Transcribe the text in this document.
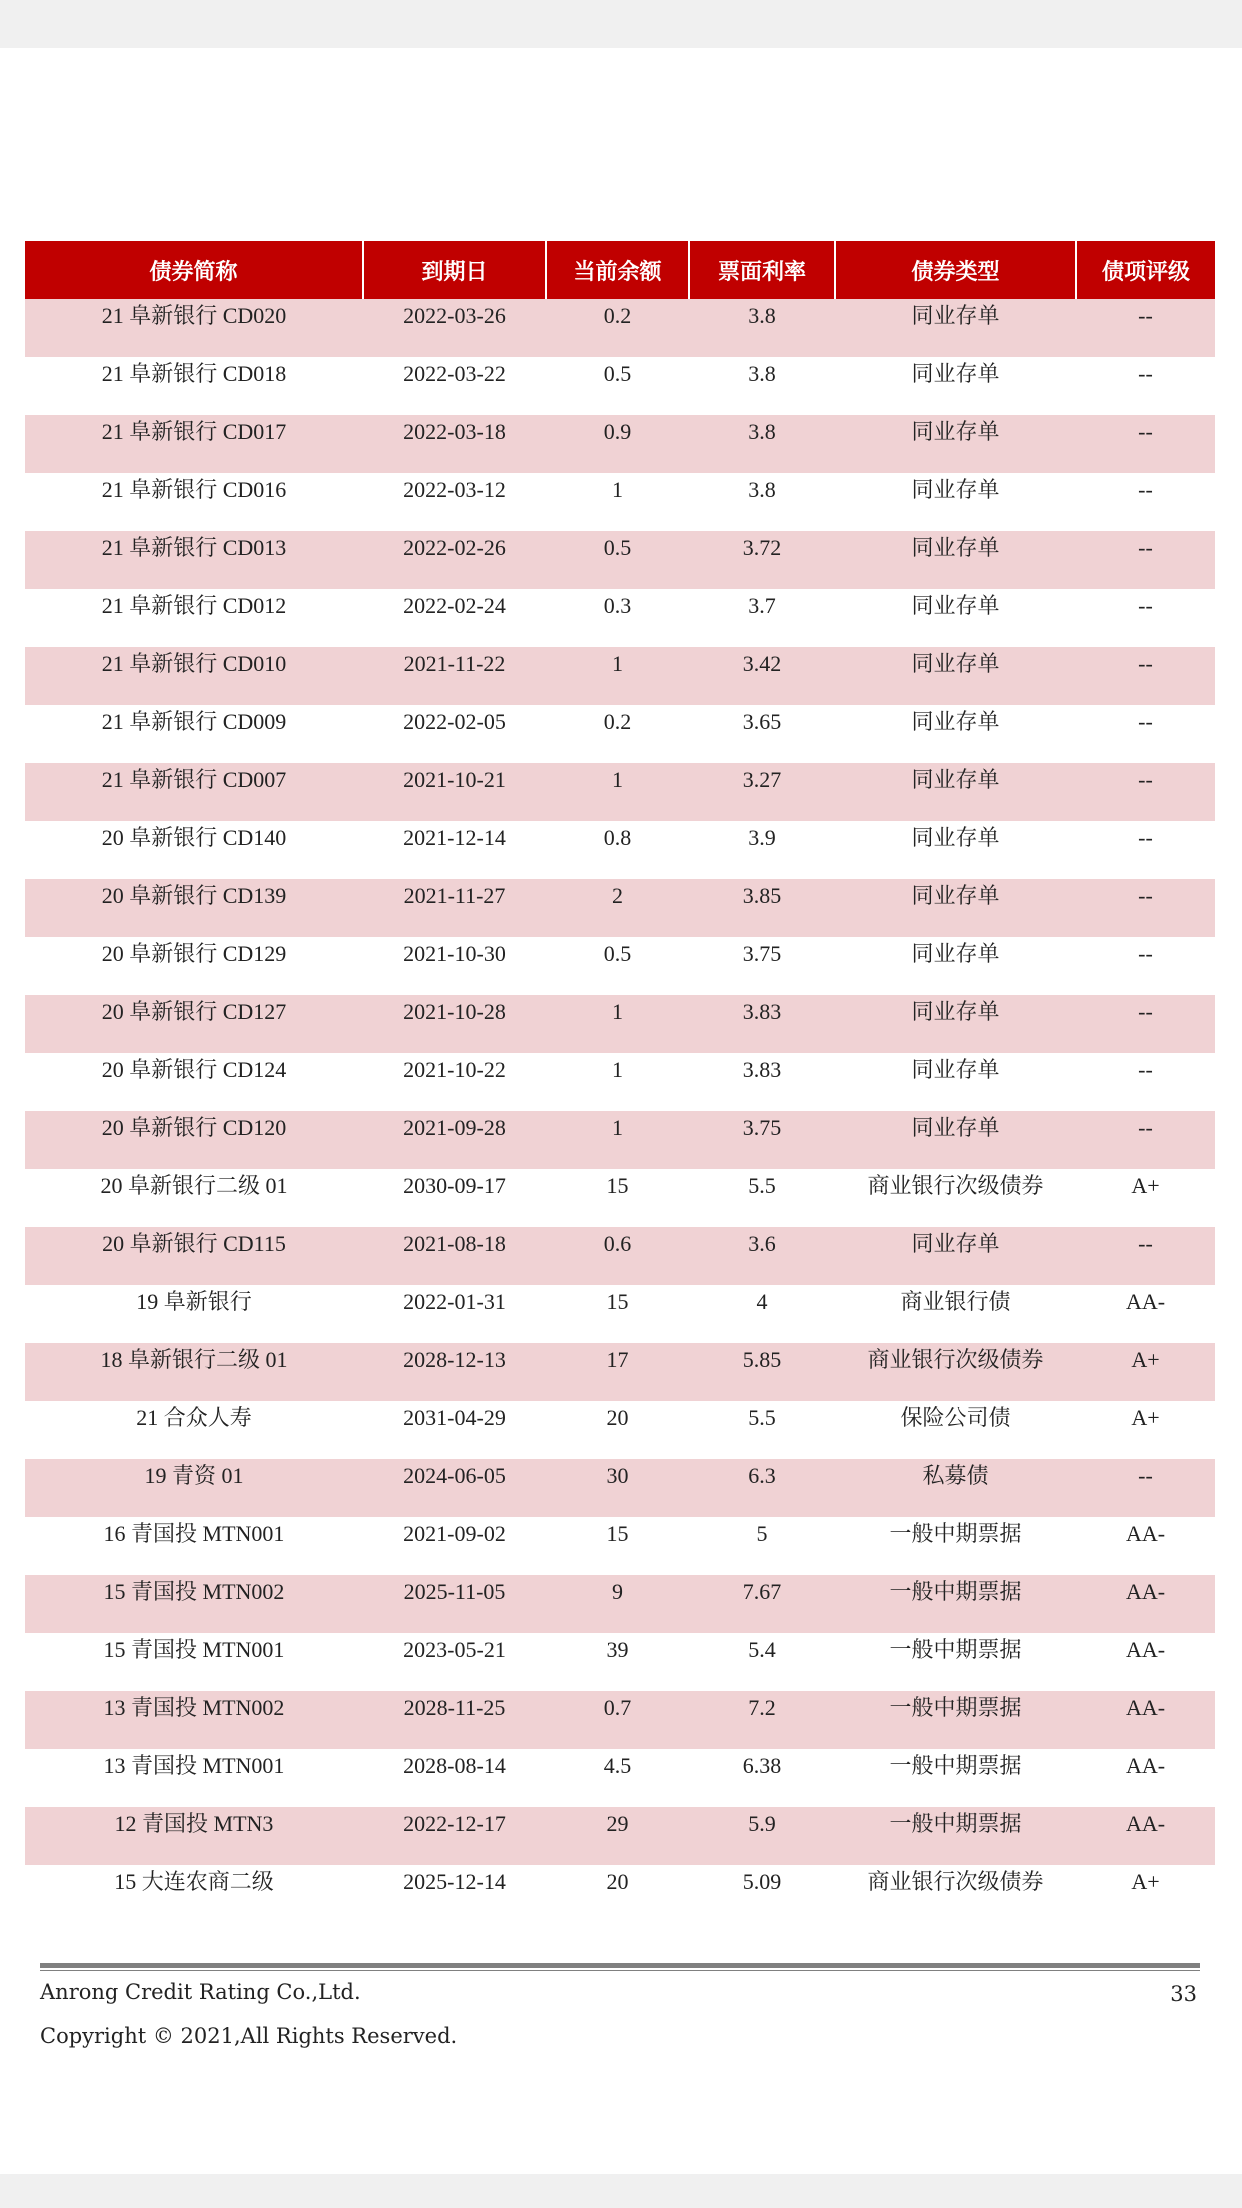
债券简称	到期日	当前余额	票面利率	债券类型	债项评级
21 阜新银行 CD020	2022-03-26	0.2	3.8	同业存单	--
21 阜新银行 CD018	2022-03-22	0.5	3.8	同业存单	--
21 阜新银行 CD017	2022-03-18	0.9	3.8	同业存单	--
21 阜新银行 CD016	2022-03-12	1	3.8	同业存单	--
21 阜新银行 CD013	2022-02-26	0.5	3.72	同业存单	--
21 阜新银行 CD012	2022-02-24	0.3	3.7	同业存单	--
21 阜新银行 CD010	2021-11-22	1	3.42	同业存单	--
21 阜新银行 CD009	2022-02-05	0.2	3.65	同业存单	--
21 阜新银行 CD007	2021-10-21	1	3.27	同业存单	--
20 阜新银行 CD140	2021-12-14	0.8	3.9	同业存单	--
20 阜新银行 CD139	2021-11-27	2	3.85	同业存单	--
20 阜新银行 CD129	2021-10-30	0.5	3.75	同业存单	--
20 阜新银行 CD127	2021-10-28	1	3.83	同业存单	--
20 阜新银行 CD124	2021-10-22	1	3.83	同业存单	--
20 阜新银行 CD120	2021-09-28	1	3.75	同业存单	--
20 阜新银行二级 01	2030-09-17	15	5.5	商业银行次级债券	A+
20 阜新银行 CD115	2021-08-18	0.6	3.6	同业存单	--
19 阜新银行	2022-01-31	15	4	商业银行债	AA-
18 阜新银行二级 01	2028-12-13	17	5.85	商业银行次级债券	A+
21 合众人寿	2031-04-29	20	5.5	保险公司债	A+
19 青资 01	2024-06-05	30	6.3	私募债	--
16 青国投 MTN001	2021-09-02	15	5	一般中期票据	AA-
15 青国投 MTN002	2025-11-05	9	7.67	一般中期票据	AA-
15 青国投 MTN001	2023-05-21	39	5.4	一般中期票据	AA-
13 青国投 MTN002	2028-11-25	0.7	7.2	一般中期票据	AA-
13 青国投 MTN001	2028-08-14	4.5	6.38	一般中期票据	AA-
12 青国投 MTN3	2022-12-17	29	5.9	一般中期票据	AA-
15 大连农商二级	2025-12-14	20	5.09	商业银行次级债券	A+
Anrong Credit Rating Co.,Ltd.	33
Copyright © 2021,All Rights Reserved.
